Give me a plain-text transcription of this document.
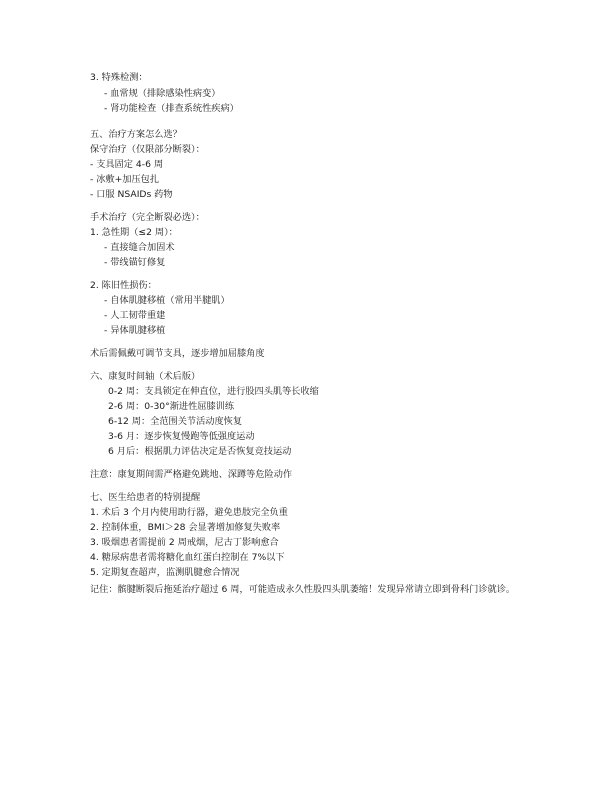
3. 特殊检测：
- 血常规（排除感染性病变）
- 肾功能检查（排查系统性疾病）
五、治疗方案怎么选？
保守治疗（仅限部分断裂）：
- 支具固定 4-6 周
- 冰敷+加压包扎
- 口服 NSAIDs 药物
手术治疗（完全断裂必选）：
1. 急性期（≤2 周）：
- 直接缝合加固术
- 带线锚钉修复
2. 陈旧性损伤：
- 自体肌腱移植（常用半腱肌）
- 人工韧带重建
- 异体肌腱移植
术后需佩戴可调节支具，逐步增加屈膝角度
六、康复时间轴（术后版）
0-2 周：支具锁定在伸直位，进行股四头肌等长收缩
2-6 周：0-30°渐进性屈膝训练
6-12 周：全范围关节活动度恢复
3-6 月：逐步恢复慢跑等低强度运动
6 月后：根据肌力评估决定是否恢复竞技运动
注意：康复期间需严格避免跳地、深蹲等危险动作
七、医生给患者的特别提醒
1. 术后 3 个月内使用助行器，避免患肢完全负重
2. 控制体重，BMI＞28 会显著增加修复失败率
3. 吸烟患者需提前 2 周戒烟，尼古丁影响愈合
4. 糖尿病患者需将糖化血红蛋白控制在 7%以下
5. 定期复查超声，监测肌腱愈合情况
记住：髌腱断裂后拖延治疗超过 6 周，可能造成永久性股四头肌萎缩！发现异常请立即到骨科门诊就诊。
